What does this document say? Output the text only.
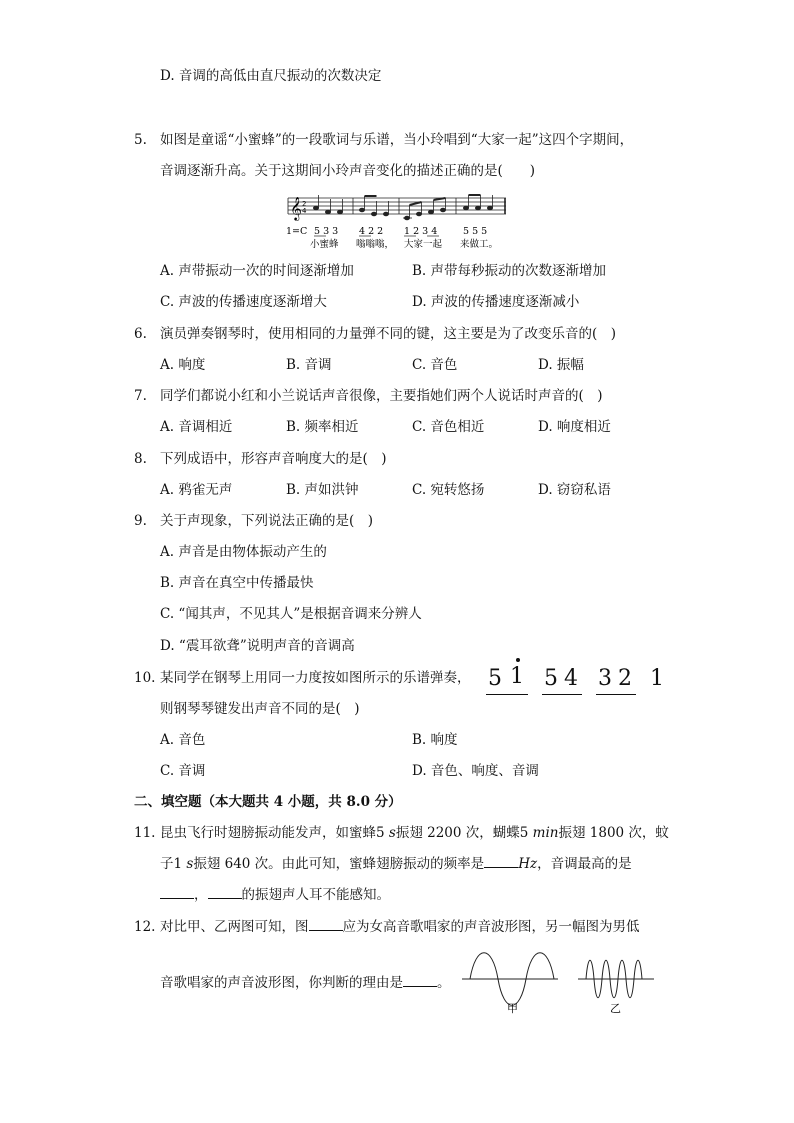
D. 音调的高低由直尺振动的次数决定
5. 如图是童谣“小蜜蜂”的一段歌词与乐谱，当小玲唱到“大家一起”这四个字期间，
音调逐渐升高。关于这期间小玲声音变化的描述正确的是(　　)
𝄞 2
4
1=C 5 3 3 4 2 2 1 2 3 4	5 5 5
小蜜蜂 嗡嗡嗡， 大家一起 来做工。
A. 声带振动一次的时间逐渐增加	B. 声带每秒振动的次数逐渐增加
C. 声波的传播速度逐渐增大	D. 声波的传播速度逐渐减小
6. 演员弹奏钢琴时，使用相同的力量弹不同的键，这主要是为了改变乐音的(　)
A. 响度	B. 音调	C. 音色	D. 振幅
7. 同学们都说小红和小兰说话声音很像，主要指她们两个人说话时声音的(　)
A. 音调相近	B. 频率相近	C. 音色相近	D. 响度相近
8. 下列成语中，形容声音响度大的是(　)
A. 鸦雀无声	B. 声如洪钟	C. 宛转悠扬	D. 窃窃私语
9. 关于声现象，下列说法正确的是(　)
A. 声音是由物体振动产生的
B. 声音在真空中传播最快
C. “闻其声，不见其人”是根据音调来分辨人
D. “震耳欲聋”说明声音的音调高
10. 某同学在钢琴上用同一力度按如图所示的乐谱弹奏，
则钢琴琴键发出声音不同的是(　)
5 1 5 4 3 2 1
A. 音色	B. 响度
C. 音调	D. 音色、响度、音调
二、填空题（本大题共 4 小题，共 8.0 分）
11. 昆虫飞行时翅膀振动能发声，如蜜蜂5 s振翅 2200 次，蝴蝶5 min振翅 1800 次，蚊
子1 s振翅 640 次。由此可知，蜜蜂翅膀振动的频率是	Hz，音调最高的是
，	的振翅声人耳不能感知。
12. 对比甲、乙两图可知，图	应为女高音歌唱家的声音波形图，另一幅图为男低
音歌唱家的声音波形图，你判断的理由是	。
甲	乙
